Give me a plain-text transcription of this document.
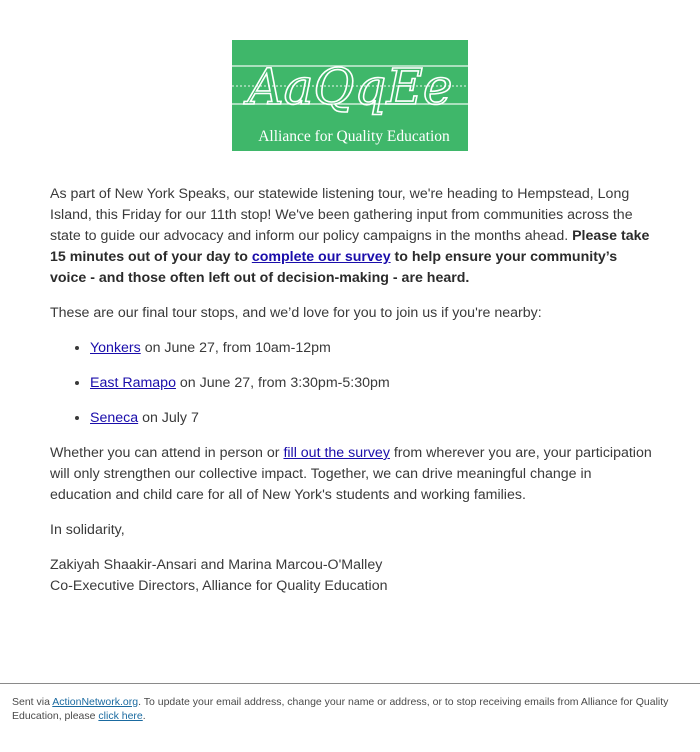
AaQqEe
Alliance for Quality Education

As part of New York Speaks, our statewide listening tour, we're heading to Hempstead, Long Island, this Friday for our 11th stop! We've been gathering input from communities across the state to guide our advocacy and inform our policy campaigns in the months ahead. Please take 15 minutes out of your day to complete our survey to help ensure your community’s voice - and those often left out of decision-making - are heard.

These are our final tour stops, and we’d love for you to join us if you're nearby:

• Yonkers on June 27, from 10am-12pm
• East Ramapo on June 27, from 3:30pm-5:30pm
• Seneca on July 7

Whether you can attend in person or fill out the survey from wherever you are, your participation will only strengthen our collective impact. Together, we can drive meaningful change in education and child care for all of New York's students and working families.

In solidarity,

Zakiyah Shaakir-Ansari and Marina Marcou-O'Malley
Co-Executive Directors, Alliance for Quality Education

Sent via ActionNetwork.org. To update your email address, change your name or address, or to stop receiving emails from Alliance for Quality Education, please click here.
